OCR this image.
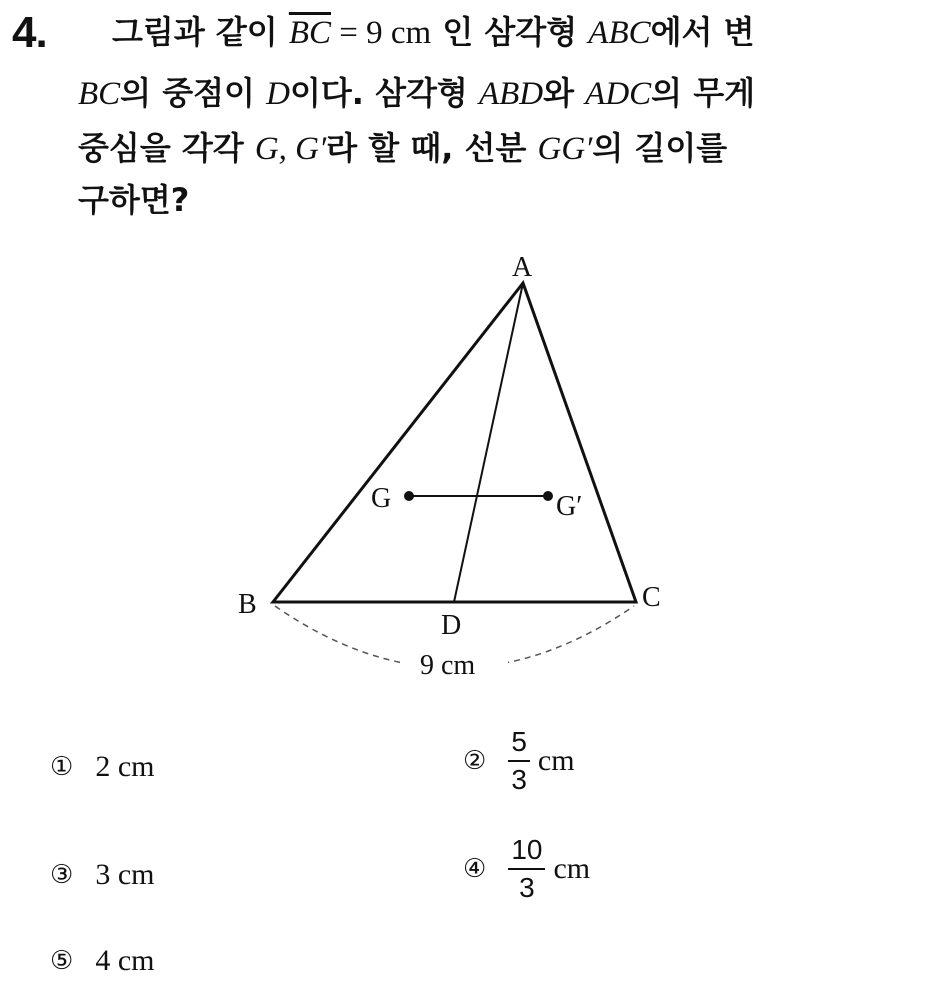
4.	그림과 같이 $\overline{BC} = 9$ cm 인 삼각형 ABC에서 변
BC의 중점이 D이다. 삼각형 ABD와 ADC의 무게
중심을 각각 G, G′라 할 때, 선분 GG′의 길이를
구하면?
A
B	C
D
G	G′
9 cm
① 2 cm	② $\frac{5}{3}$ cm
③ 3 cm	④ $\frac{10}{3}$ cm
⑤ 4 cm
